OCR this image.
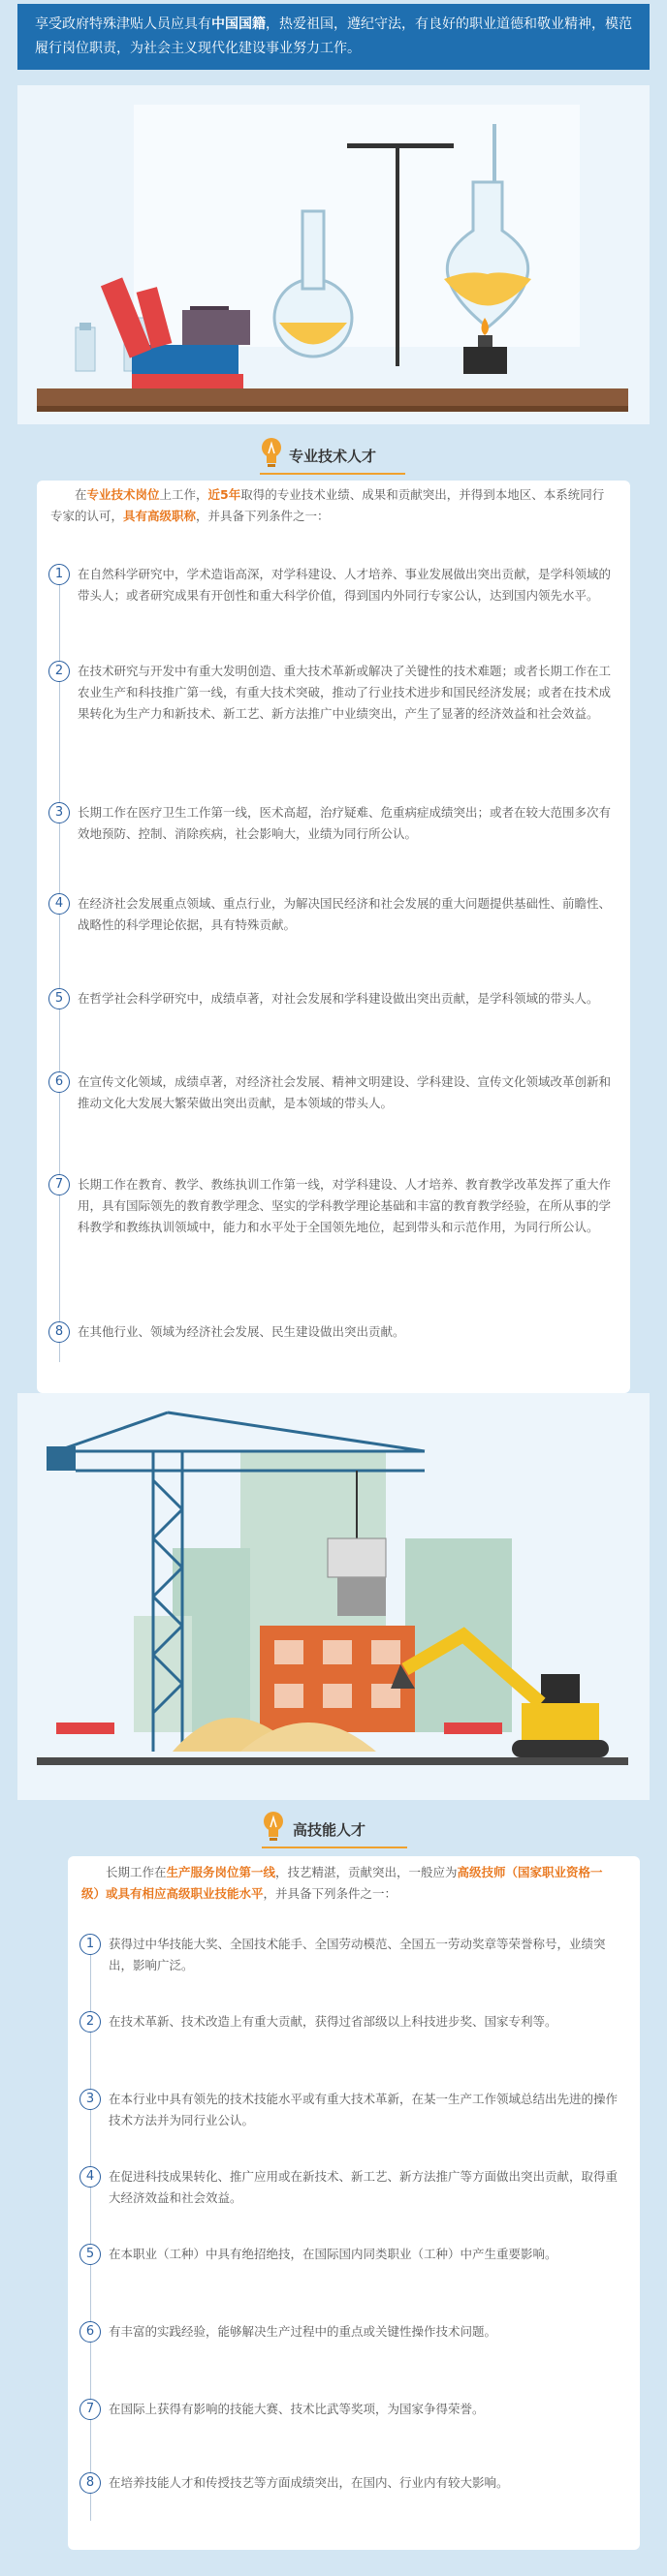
享受政府特殊津贴人员应具有中国国籍，热爱祖国，遵纪守法，有良好的职业道德和敬业精神，模范履行岗位职责，为社会主义现代化建设事业努力工作。
专业技术人才
在专业技术岗位上工作，近5年取得的专业技术业绩、成果和贡献突出，并得到本地区、本系统同行专家的认可，具有高级职称，并具备下列条件之一：
1	在自然科学研究中，学术造诣高深，对学科建设、人才培养、事业发展做出突出贡献，是学科领域的带头人；或者研究成果有开创性和重大科学价值，得到国内外同行专家公认，达到国内领先水平。
2	在技术研究与开发中有重大发明创造、重大技术革新或解决了关键性的技术难题；或者长期工作在工农业生产和科技推广第一线，有重大技术突破，推动了行业技术进步和国民经济发展；或者在技术成果转化为生产力和新技术、新工艺、新方法推广中业绩突出，产生了显著的经济效益和社会效益。
3	长期工作在医疗卫生工作第一线，医术高超，治疗疑难、危重病症成绩突出；或者在较大范围多次有效地预防、控制、消除疾病，社会影响大，业绩为同行所公认。
4	在经济社会发展重点领域、重点行业，为解决国民经济和社会发展的重大问题提供基础性、前瞻性、战略性的科学理论依据，具有特殊贡献。
5	在哲学社会科学研究中，成绩卓著，对社会发展和学科建设做出突出贡献，是学科领域的带头人。
6	在宣传文化领域，成绩卓著，对经济社会发展、精神文明建设、学科建设、宣传文化领域改革创新和推动文化大发展大繁荣做出突出贡献，是本领域的带头人。
7	长期工作在教育、教学、教练执训工作第一线，对学科建设、人才培养、教育教学改革发挥了重大作用，具有国际领先的教育教学理念、坚实的学科教学理论基础和丰富的教育教学经验，在所从事的学科教学和教练执训领域中，能力和水平处于全国领先地位，起到带头和示范作用，为同行所公认。
8	在其他行业、领域为经济社会发展、民生建设做出突出贡献。
高技能人才
长期工作在生产服务岗位第一线，技艺精湛，贡献突出，一般应为高级技师（国家职业资格一级）或具有相应高级职业技能水平，并具备下列条件之一：
1	获得过中华技能大奖、全国技术能手、全国劳动模范、全国五一劳动奖章等荣誉称号，业绩突出，影响广泛。
2	在技术革新、技术改造上有重大贡献，获得过省部级以上科技进步奖、国家专利等。
3	在本行业中具有领先的技术技能水平或有重大技术革新，在某一生产工作领域总结出先进的操作技术方法并为同行业公认。
4	在促进科技成果转化、推广应用或在新技术、新工艺、新方法推广等方面做出突出贡献，取得重大经济效益和社会效益。
5	在本职业（工种）中具有绝招绝技，在国际国内同类职业（工种）中产生重要影响。
6	有丰富的实践经验，能够解决生产过程中的重点或关键性操作技术问题。
7	在国际上获得有影响的技能大赛、技术比武等奖项，为国家争得荣誉。
8	在培养技能人才和传授技艺等方面成绩突出，在国内、行业内有较大影响。
